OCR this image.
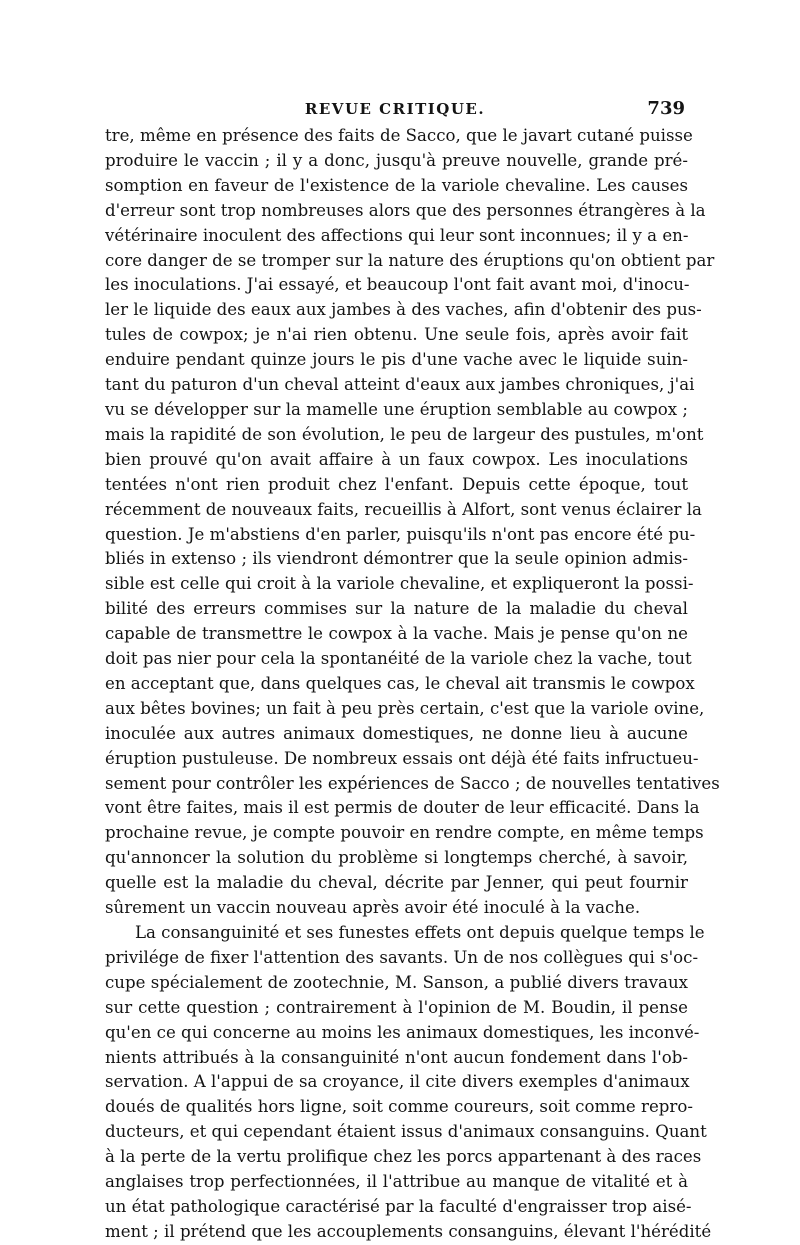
REVUE CRITIQUE.	739
tre, même en présence des faits de Sacco, que le javart cutané puisse
produire le vaccin ; il y a donc, jusqu'à preuve nouvelle, grande pré-
somption en faveur de l'existence de la variole chevaline. Les causes
d'erreur sont trop nombreuses alors que des personnes étrangères à la
vétérinaire inoculent des affections qui leur sont inconnues; il y a en-
core danger de se tromper sur la nature des éruptions qu'on obtient par
les inoculations. J'ai essayé, et beaucoup l'ont fait avant moi, d'inocu-
ler le liquide des eaux aux jambes à des vaches, afin d'obtenir des pus-
tules de cowpox; je n'ai rien obtenu. Une seule fois, après avoir fait
enduire pendant quinze jours le pis d'une vache avec le liquide suin-
tant du paturon d'un cheval atteint d'eaux aux jambes chroniques, j'ai
vu se développer sur la mamelle une éruption semblable au cowpox ;
mais la rapidité de son évolution, le peu de largeur des pustules, m'ont
bien prouvé qu'on avait affaire à un faux cowpox. Les inoculations
tentées n'ont rien produit chez l'enfant. Depuis cette époque, tout
récemment de nouveaux faits, recueillis à Alfort, sont venus éclairer la
question. Je m'abstiens d'en parler, puisqu'ils n'ont pas encore été pu-
bliés in extenso ; ils viendront démontrer que la seule opinion admis-
sible est celle qui croit à la variole chevaline, et expliqueront la possi-
bilité des erreurs commises sur la nature de la maladie du cheval
capable de transmettre le cowpox à la vache. Mais je pense qu'on ne
doit pas nier pour cela la spontanéité de la variole chez la vache, tout
en acceptant que, dans quelques cas, le cheval ait transmis le cowpox
aux bêtes bovines; un fait à peu près certain, c'est que la variole ovine,
inoculée aux autres animaux domestiques, ne donne lieu à aucune
éruption pustuleuse. De nombreux essais ont déjà été faits infructueu-
sement pour contrôler les expériences de Sacco ; de nouvelles tentatives
vont être faites, mais il est permis de douter de leur efficacité. Dans la
prochaine revue, je compte pouvoir en rendre compte, en même temps
qu'annoncer la solution du problème si longtemps cherché, à savoir,
quelle est la maladie du cheval, décrite par Jenner, qui peut fournir
sûrement un vaccin nouveau après avoir été inoculé à la vache.
La consanguinité et ses funestes effets ont depuis quelque temps le
privilége de fixer l'attention des savants. Un de nos collègues qui s'oc-
cupe spécialement de zootechnie, M. Sanson, a publié divers travaux
sur cette question ; contrairement à l'opinion de M. Boudin, il pense
qu'en ce qui concerne au moins les animaux domestiques, les inconvé-
nients attribués à la consanguinité n'ont aucun fondement dans l'ob-
servation. A l'appui de sa croyance, il cite divers exemples d'animaux
doués de qualités hors ligne, soit comme coureurs, soit comme repro-
ducteurs, et qui cependant étaient issus d'animaux consanguins. Quant
à la perte de la vertu prolifique chez les porcs appartenant à des races
anglaises trop perfectionnées, il l'attribue au manque de vitalité et à
un état pathologique caractérisé par la faculté d'engraisser trop aisé-
ment ; il prétend que les accouplements consanguins, élevant l'hérédité
